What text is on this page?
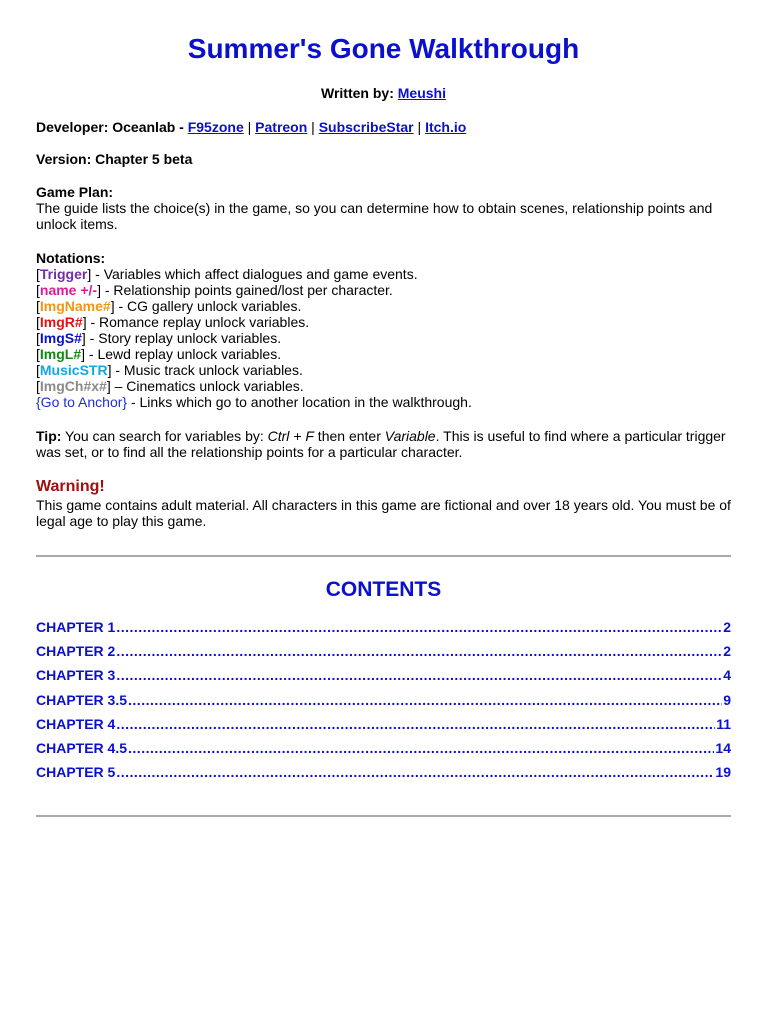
Summer's Gone Walkthrough
Written by: Meushi
Developer: Oceanlab - F95zone | Patreon | SubscribeStar | Itch.io
Version: Chapter 5 beta
Game Plan:
The guide lists the choice(s) in the game, so you can determine how to obtain scenes, relationship points and unlock items.
Notations:
[Trigger] - Variables which affect dialogues and game events.
[name +/-] - Relationship points gained/lost per character.
[ImgName#] - CG gallery unlock variables.
[ImgR#] - Romance replay unlock variables.
[ImgS#] - Story replay unlock variables.
[ImgL#] - Lewd replay unlock variables.
[MusicSTR] - Music track unlock variables.
[ImgCh#x#] – Cinematics unlock variables.
{Go to Anchor} - Links which go to another location in the walkthrough.
Tip: You can search for variables by: Ctrl + F then enter Variable. This is useful to find where a particular trigger was set, or to find all the relationship points for a particular character.
Warning!
This game contains adult material. All characters in this game are fictional and over 18 years old. You must be of legal age to play this game.
CONTENTS
CHAPTER 1 .....	2
CHAPTER 2 .....	2
CHAPTER 3 .....	4
CHAPTER 3.5 .....	9
CHAPTER 4 .....	11
CHAPTER 4.5 .....	14
CHAPTER 5 .....	19
